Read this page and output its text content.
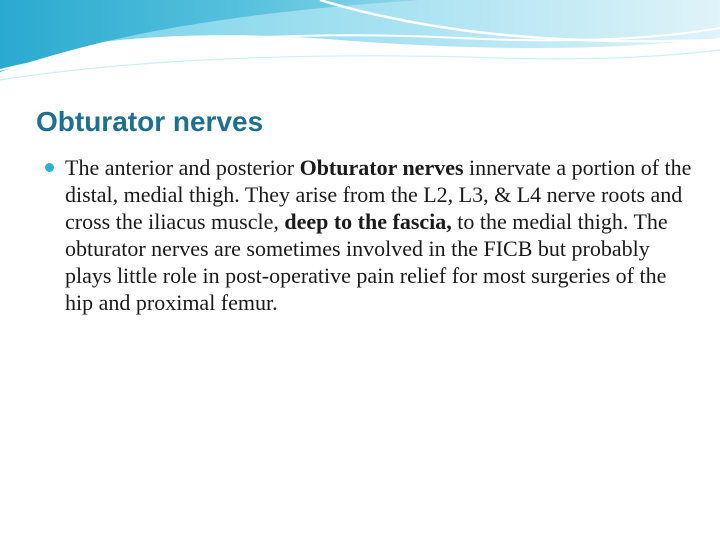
Obturator nerves
The anterior and posterior Obturator nerves innervate a portion of the distal, medial thigh. They arise from the L2, L3, & L4 nerve roots and cross the iliacus muscle, deep to the fascia, to the medial thigh. The obturator nerves are sometimes involved in the FICB but probably plays little role in post-operative pain relief for most surgeries of the hip and proximal femur.
